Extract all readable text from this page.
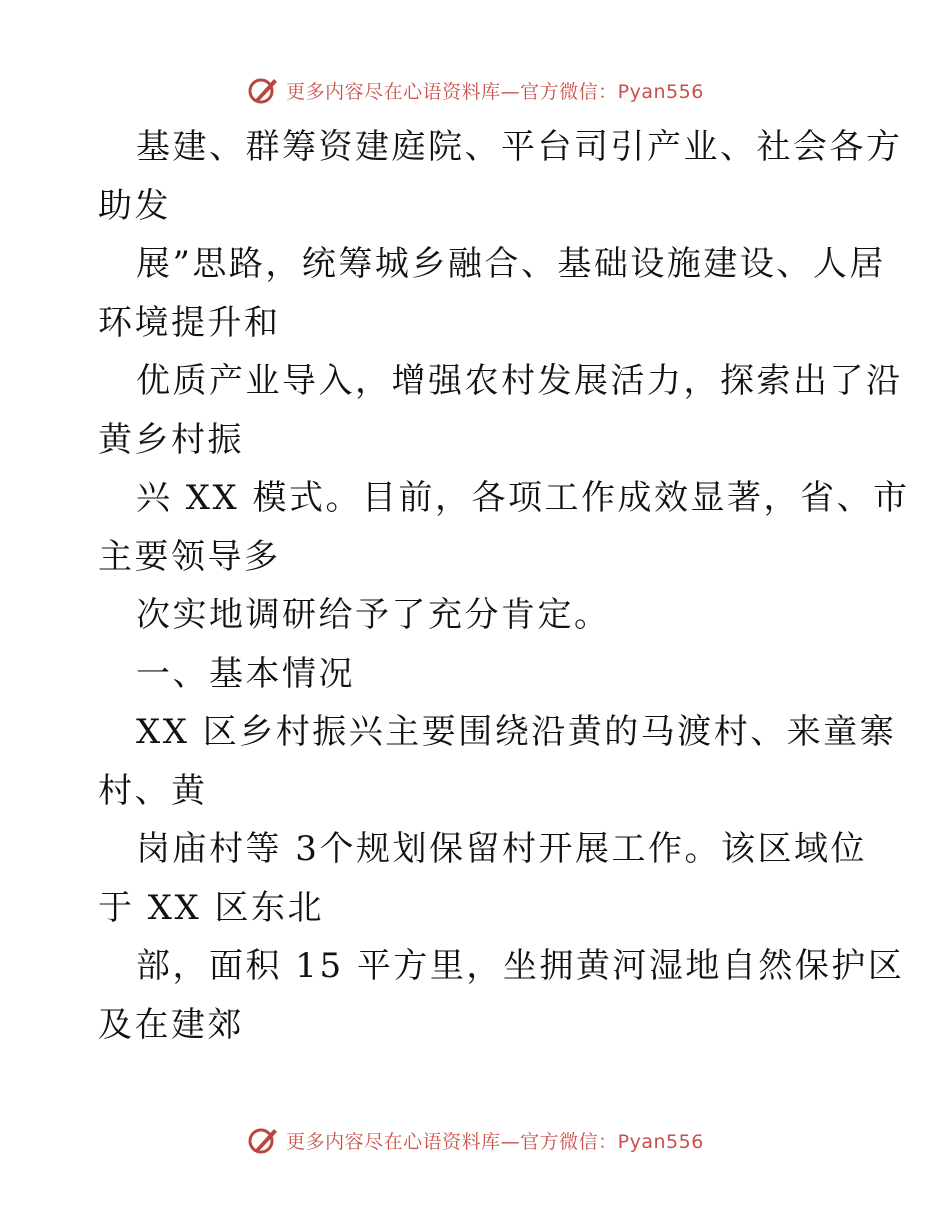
更多内容尽在心语资料库—官方微信：Pyan556
基建、群筹资建庭院、平台司引产业、社会各方
助发
展”思路，统筹城乡融合、基础设施建设、人居
环境提升和
优质产业导入，增强农村发展活力，探索出了沿
黄乡村振
兴 XX 模式。目前，各项工作成效显著，省、市
主要领导多
次实地调研给予了充分肯定。
一、基本情况
XX 区乡村振兴主要围绕沿黄的马渡村、来童寨
村、黄
岗庙村等 3个规划保留村开展工作。该区域位
于 XX 区东北
部，面积 15 平方里，坐拥黄河湿地自然保护区
及在建郊
更多内容尽在心语资料库—官方微信：Pyan556
